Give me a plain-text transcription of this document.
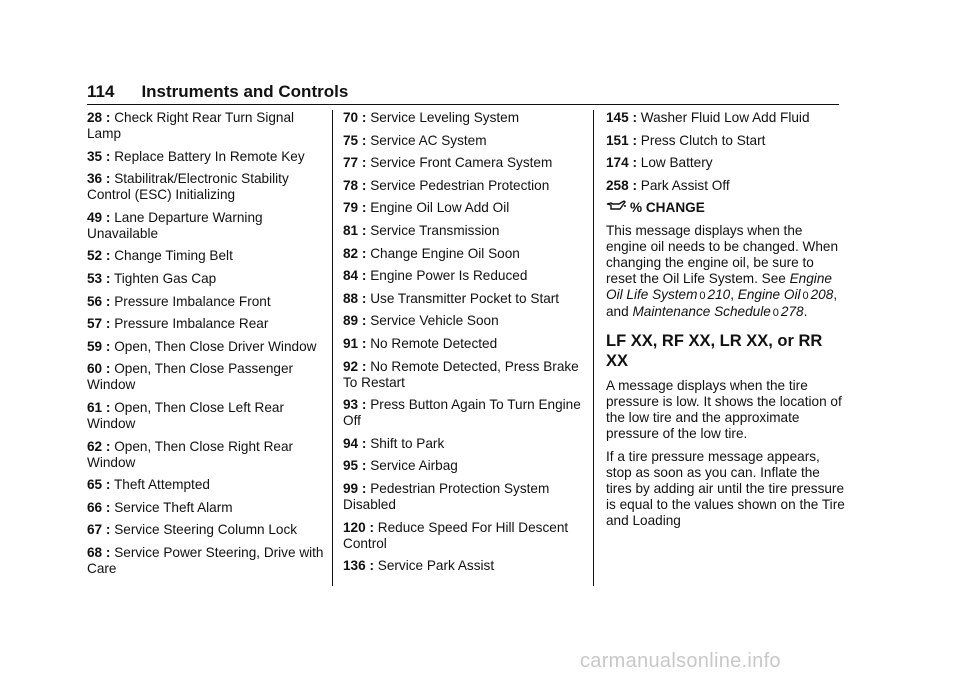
114 Instruments and Controls

28 : Check Right Rear Turn Signal Lamp

35 : Replace Battery In Remote Key

36 : Stabilitrak/Electronic Stability Control (ESC) Initializing

49 : Lane Departure Warning Unavailable

52 : Change Timing Belt

53 : Tighten Gas Cap

56 : Pressure Imbalance Front

57 : Pressure Imbalance Rear

59 : Open, Then Close Driver Window

60 : Open, Then Close Passenger Window

61 : Open, Then Close Left Rear Window

62 : Open, Then Close Right Rear Window

65 : Theft Attempted

66 : Service Theft Alarm

67 : Service Steering Column Lock

68 : Service Power Steering, Drive with Care

70 : Service Leveling System

75 : Service AC System

77 : Service Front Camera System

78 : Service Pedestrian Protection

79 : Engine Oil Low Add Oil

81 : Service Transmission

82 : Change Engine Oil Soon

84 : Engine Power Is Reduced

88 : Use Transmitter Pocket to Start

89 : Service Vehicle Soon

91 : No Remote Detected

92 : No Remote Detected, Press Brake To Restart

93 : Press Button Again To Turn Engine Off

94 : Shift to Park

95 : Service Airbag

99 : Pedestrian Protection System Disabled

120 : Reduce Speed For Hill Descent Control

136 : Service Park Assist

145 : Washer Fluid Low Add Fluid

151 : Press Clutch to Start

174 : Low Battery

258 : Park Assist Off

% CHANGE

This message displays when the engine oil needs to be changed. When changing the engine oil, be sure to reset the Oil Life System. See Engine Oil Life System 0 210, Engine Oil 0 208, and Maintenance Schedule 0 278.

LF XX, RF XX, LR XX, or RR XX

A message displays when the tire pressure is low. It shows the location of the low tire and the approximate pressure of the low tire.

If a tire pressure message appears, stop as soon as you can. Inflate the tires by adding air until the tire pressure is equal to the values shown on the Tire and Loading

carmanualsonline.info
